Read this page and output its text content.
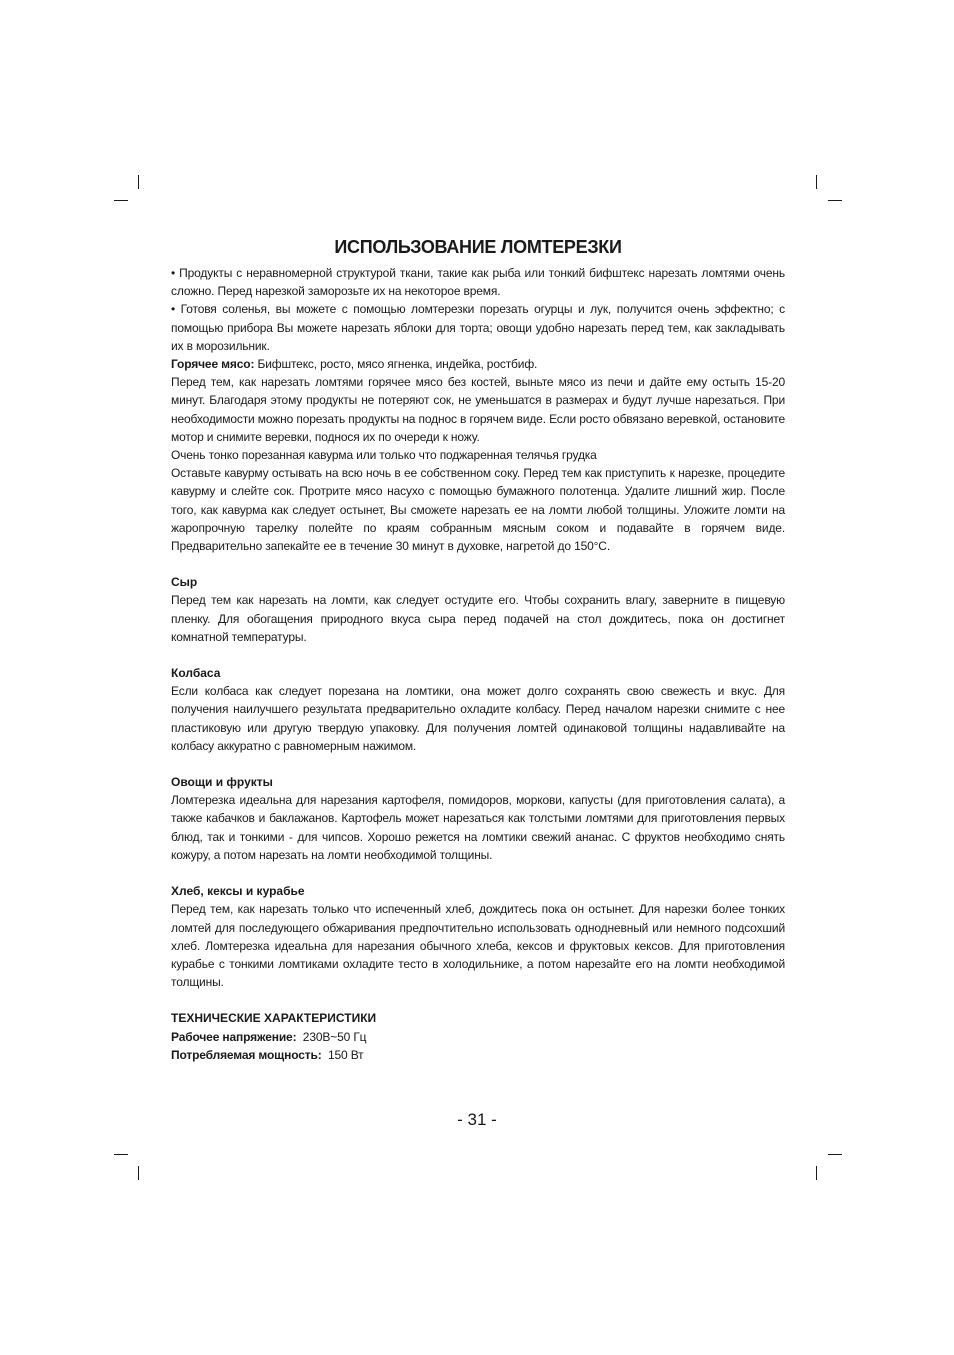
ИСПОЛЬЗОВАНИЕ ЛОМТЕРЕЗКИ

• Продукты с неравномерной структурой ткани, такие как рыба или тонкий бифштекс нарезать ломтями очень сложно. Перед нарезкой заморозьте их на некоторое время.

• Готовя соленья, вы можете с помощью ломтерезки порезать огурцы и лук, получится очень эффектно; с помощью прибора Вы можете нарезать яблоки для торта; овощи удобно нарезать перед тем, как закладывать их в морозильник.

Горячее мясо: Бифштекс, росто, мясо ягненка, индейка, ростбиф.

Перед тем, как нарезать ломтями горячее мясо без костей, выньте мясо из печи и дайте ему остыть 15-20 минут. Благодаря этому продукты не потеряют сок, не уменьшатся в размерах и будут лучше нарезаться. При необходимости можно порезать продукты на поднос в горячем виде. Если росто обвязано веревкой, остановите мотор и снимите веревки, поднося их по очереди к ножу.

Очень тонко порезанная кавурма или только что поджаренная телячья грудка

Оставьте кавурму остывать на всю ночь в ее собственном соку. Перед тем как приступить к нарезке, процедите кавурму и слейте сок. Протрите мясо насухо с помощью бумажного полотенца. Удалите лишний жир. После того, как кавурма как следует остынет, Вы сможете нарезать ее на ломти любой толщины. Уложите ломти на жаропрочную тарелку полейте по краям собранным мясным соком и подавайте в горячем виде. Предварительно запекайте ее в течение 30 минут в духовке, нагретой до 150°С.

Сыр

Перед тем как нарезать на ломти, как следует остудите его. Чтобы сохранить влагу, заверните в пищевую пленку. Для обогащения природного вкуса сыра перед подачей на стол дождитесь, пока он достигнет комнатной температуры.

Колбаса

Если колбаса как следует порезана на ломтики, она может долго сохранять свою свежесть и вкус. Для получения наилучшего результата предварительно охладите колбасу. Перед началом нарезки снимите с нее пластиковую или другую твердую упаковку. Для получения ломтей одинаковой толщины надавливайте на колбасу аккуратно с равномерным нажимом.

Овощи и фрукты

Ломтерезка идеальна для нарезания картофеля, помидоров, моркови, капусты (для приготовления салата), а также кабачков и баклажанов. Картофель может нарезаться как толстыми ломтями для приготовления первых блюд, так и тонкими - для чипсов. Хорошо режется на ломтики свежий ананас. С фруктов необходимо снять кожуру, а потом нарезать на ломти необходимой толщины.

Хлеб, кексы и курабье

Перед тем, как нарезать только что испеченный хлеб, дождитесь пока он остынет. Для нарезки более тонких ломтей для последующего обжаривания предпочтительно использовать однодневный или немного подсохший хлеб. Ломтерезка идеальна для нарезания обычного хлеба, кексов и фруктовых кексов. Для приготовления курабье с тонкими ломтиками охладите тесто в холодильнике, а потом нарезайте его на ломти необходимой толщины.

ТЕХНИЧЕСКИЕ ХАРАКТЕРИСТИКИ

Рабочее напряжение:  230В~50 Гц

Потребляемая мощность:  150 Вт

- 31 -
